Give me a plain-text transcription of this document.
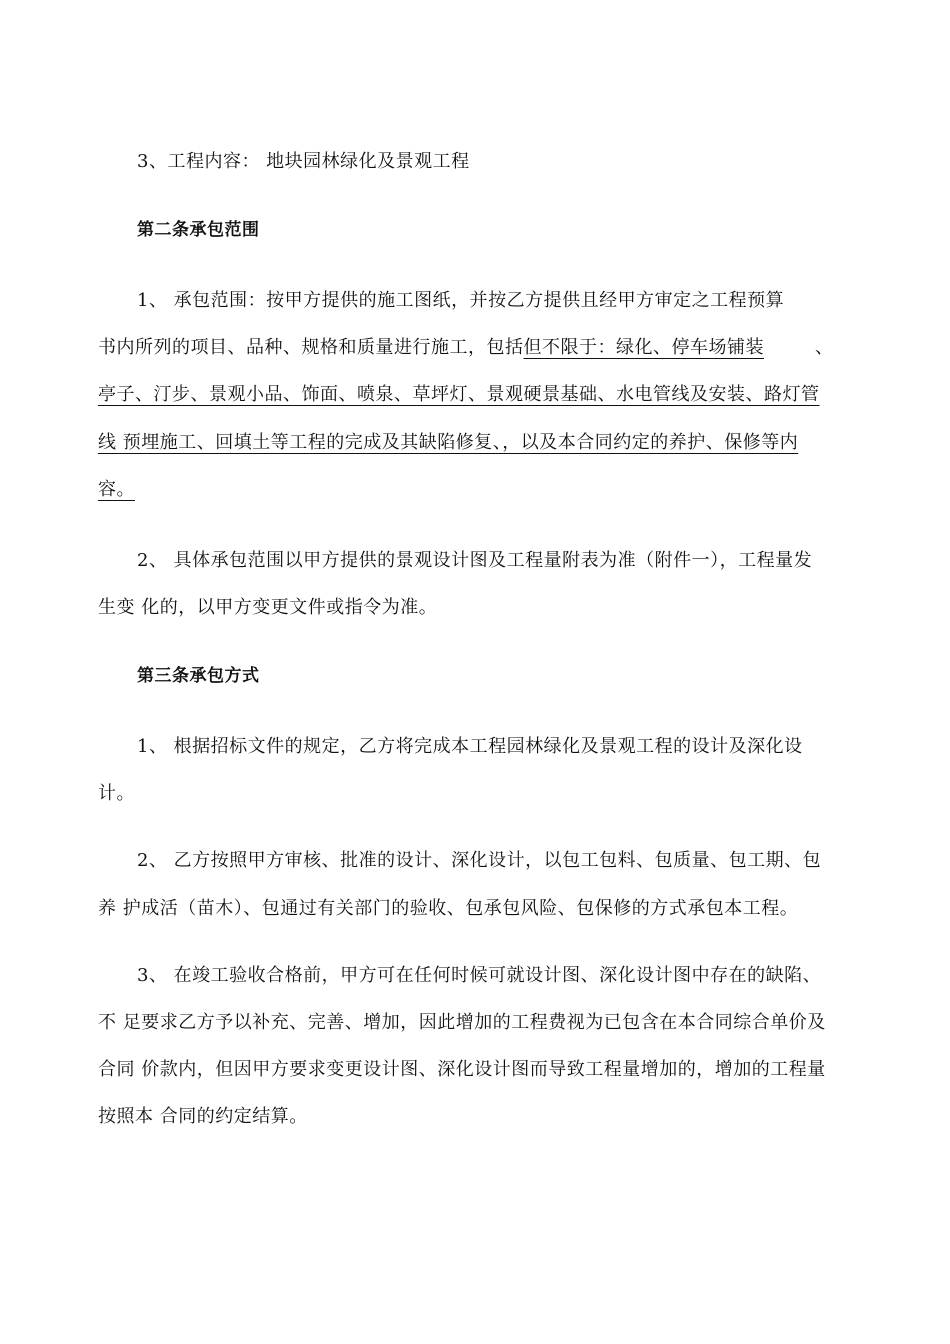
3、工程内容： 地块园林绿化及景观工程
第二条承包范围
1、 承包范围：按甲方提供的施工图纸，并按乙方提供且经甲方审定之工程预算
书内所列的项目、品种、规格和质量进行施工，包括但不限于：绿化、停车场铺装	、
亭子、汀步、景观小品、饰面、喷泉、草坪灯、景观硬景基础、水电管线及安装、路灯管
线 预埋施工、回填土等工程的完成及其缺陷修复、，以及本合同约定的养护、保修等内
容。
2、 具体承包范围以甲方提供的景观设计图及工程量附表为准（附件一），工程量发
生变 化的，以甲方变更文件或指令为准。
第三条承包方式
1、 根据招标文件的规定，乙方将完成本工程园林绿化及景观工程的设计及深化设
计。
2、 乙方按照甲方审核、批准的设计、深化设计，以包工包料、包质量、包工期、包
养 护成活（苗木）、包通过有关部门的验收、包承包风险、包保修的方式承包本工程。
3、 在竣工验收合格前，甲方可在任何时候可就设计图、深化设计图中存在的缺陷、
不 足要求乙方予以补充、完善、增加，因此增加的工程费视为已包含在本合同综合单价及
合同 价款内，但因甲方要求变更设计图、深化设计图而导致工程量增加的，增加的工程量
按照本 合同的约定结算。
